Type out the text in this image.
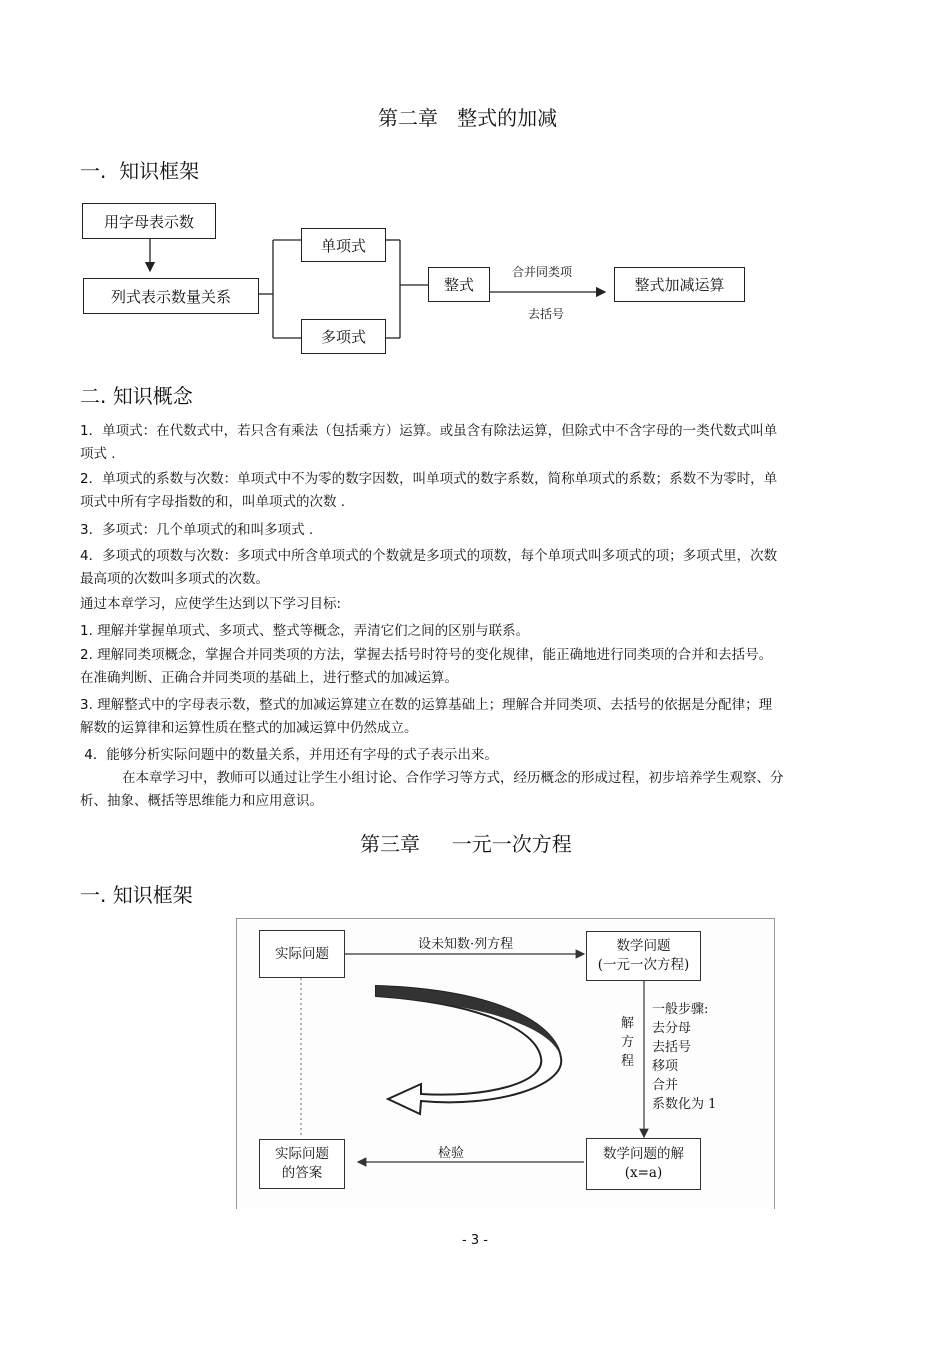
第二章   整式的加减
一.  知识框架
用字母表示数
列式表示数量关系
单项式
多项式
整式	整式加减运算
合并同类项
去括号
二. 知识概念
1．单项式：在代数式中，若只含有乘法（包括乘方）运算。或虽含有除法运算，但除式中不含字母的一类代数式叫单项式 .
2．单项式的系数与次数：单项式中不为零的数字因数，叫单项式的数字系数，简称单项式的系数；系数不为零时，单项式中所有字母指数的和，叫单项式的次数 .
3．多项式：几个单项式的和叫多项式 .
4．多项式的项数与次数：多项式中所含单项式的个数就是多项式的项数，每个单项式叫多项式的项；多项式里，次数最高项的次数叫多项式的次数。
通过本章学习，应使学生达到以下学习目标:
1. 理解并掌握单项式、多项式、整式等概念，弄清它们之间的区别与联系。
2. 理解同类项概念，掌握合并同类项的方法，掌握去括号时符号的变化规律，能正确地进行同类项的合并和去括号。在准确判断、正确合并同类项的基础上，进行整式的加减运算。
3. 理解整式中的字母表示数，整式的加减运算建立在数的运算基础上；理解合并同类项、去括号的依据是分配律；理解数的运算律和运算性质在整式的加减运算中仍然成立。
4．能够分析实际问题中的数量关系，并用还有字母的式子表示出来。
在本章学习中，教师可以通过让学生小组讨论、合作学习等方式，经历概念的形成过程，初步培养学生观察、分析、抽象、概括等思维能力和应用意识。
第三章     一元一次方程
一. 知识框架
实际问题	数学问题
(一元一次方程)
实际问题
的答案
数学问题的解
(x=a)
设未知数·列方程
检验
解
方
程
一般步骤:
去分母
去括号
移项
合并
系数化为 1
- 3 -
